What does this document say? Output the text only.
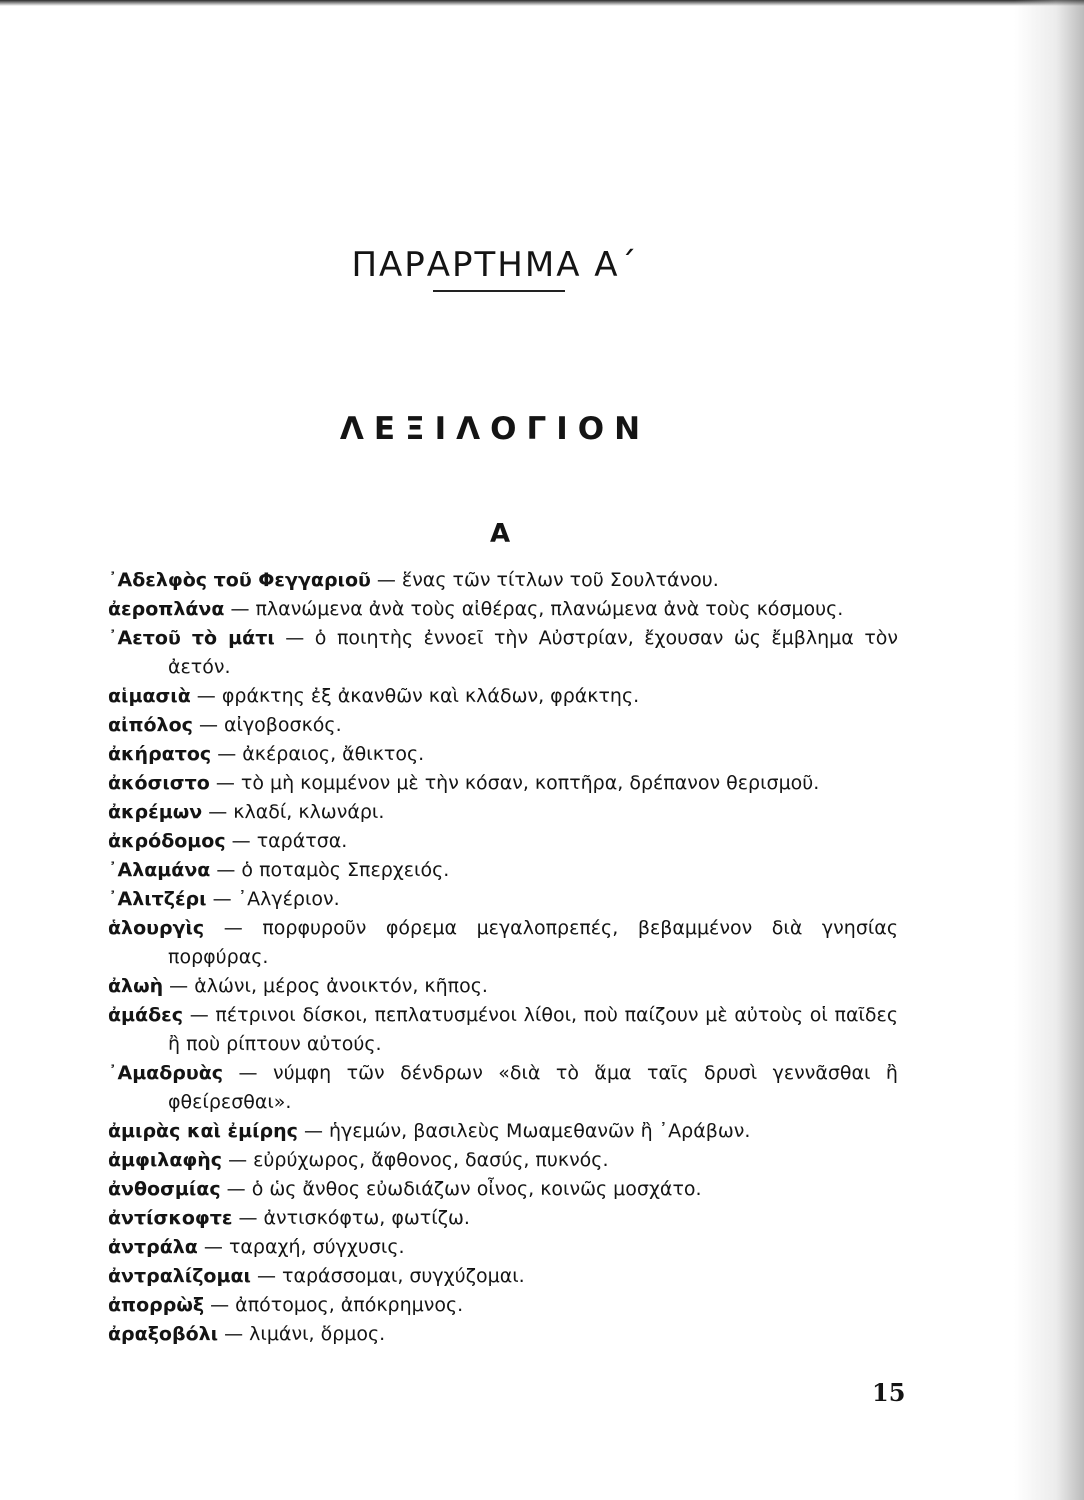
ΠΑΡΑΡΤΗΜΑ Α΄
ΛΕΞΙΛΟΓΙΟΝ
Α

᾿Αδελφὸς τοῦ Φεγγαριοῦ — ἕνας τῶν τίτλων τοῦ Σουλτάνου.

ἀεροπλάνα — πλανώμενα ἀνὰ τοὺς αἰθέρας, πλανώμενα ἀνὰ τοὺς κόσμους.

᾿Αετοῦ τὸ μάτι — ὁ ποιητὴς ἐννοεῖ τὴν Αὐστρίαν, ἔχουσαν ὡς ἔμβλημα τὸν ἀετόν.

αἱμασιὰ — φράκτης ἐξ ἀκανθῶν καὶ κλάδων, φράκτης.

αἰπόλος — αἰγοβοσκός.

ἀκήρατος — ἀκέραιος, ἄθικτος.

ἀκόσιστο — τὸ μὴ κομμένον μὲ τὴν κόσαν, κοπτῆρα, δρέπανον θερισμοῦ.

ἀκρέμων — κλαδί, κλωνάρι.

ἀκρόδομος — ταράτσα.

᾿Αλαμάνα — ὁ ποταμὸς Σπερχειός.

᾿Αλιτζέρι — ᾿Αλγέριον.

ἁλουργὶς — πορφυροῦν φόρεμα μεγαλοπρεπές, βεβαμμένον διὰ γνησίας πορφύρας.

ἀλωὴ — ἁλώνι, μέρος ἀνοικτόν, κῆπος.

ἀμάδες — πέτρινοι δίσκοι, πεπλατυσμένοι λίθοι, ποὺ παίζουν μὲ αὐτοὺς οἱ παῖδες ἢ ποὺ ρίπτουν αὐτούς.

᾿Αμαδρυὰς — νύμφη τῶν δένδρων «διὰ τὸ ἅμα ταῖς δρυσὶ γεννᾶσθαι ἢ φθείρεσθαι».

ἀμιρὰς καὶ ἐμίρης — ἡγεμών, βασιλεὺς Μωαμεθανῶν ἢ ᾿Αράβων.

ἀμφιλαφὴς — εὐρύχωρος, ἄφθονος, δασύς, πυκνός.

ἀνθοσμίας — ὁ ὡς ἄνθος εὐωδιάζων οἶνος, κοινῶς μοσχάτο.

ἀντίσκοφτε — ἀντισκόφτω, φωτίζω.

ἀντράλα — ταραχή, σύγχυσις.

ἀντραλίζομαι — ταράσσομαι, συγχύζομαι.

ἀπορρὼξ — ἀπότομος, ἀπόκρημνος.

ἀραξοβόλι — λιμάνι, ὅρμος.

15
